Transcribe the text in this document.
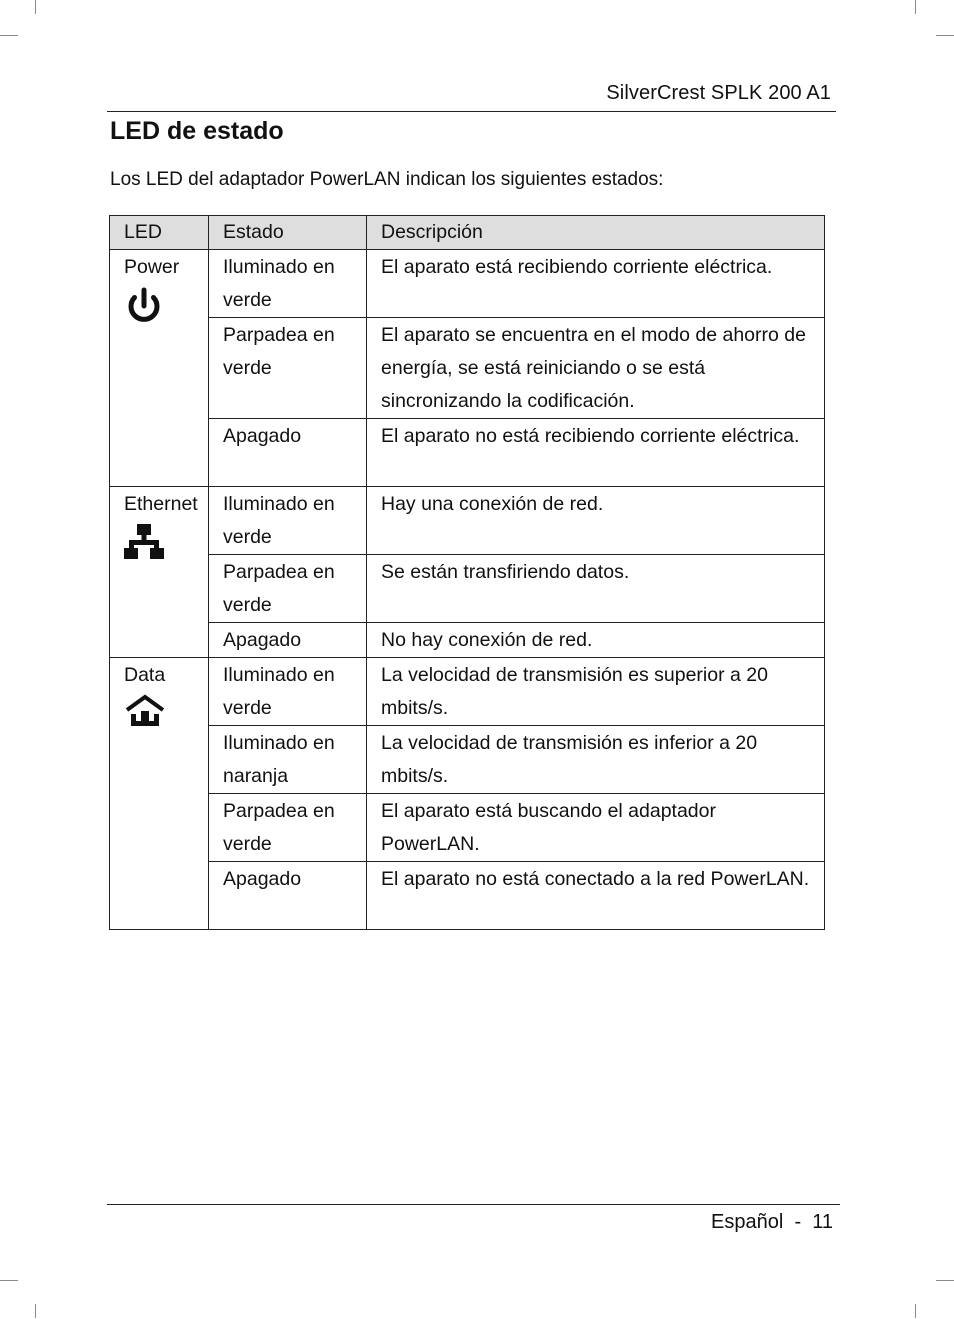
SilverCrest SPLK 200 A1
LED de estado

Los LED del adaptador PowerLAN indican los siguientes estados:

LED	Estado	Descripción
Power	Iluminado en verde	El aparato está recibiendo corriente eléctrica.
	Parpadea en verde	El aparato se encuentra en el modo de ahorro de energía, se está reiniciando o se está sincronizando la codificación.
	Apagado	El aparato no está recibiendo corriente eléctrica.
Ethernet	Iluminado en verde	Hay una conexión de red.
	Parpadea en verde	Se están transfiriendo datos.
	Apagado	No hay conexión de red.
Data	Iluminado en verde	La velocidad de transmisión es superior a 20 mbits/s.
	Iluminado en naranja	La velocidad de transmisión es inferior a 20 mbits/s.
	Parpadea en verde	El aparato está buscando el adaptador PowerLAN.
	Apagado	El aparato no está conectado a la red PowerLAN.
Español - 11
